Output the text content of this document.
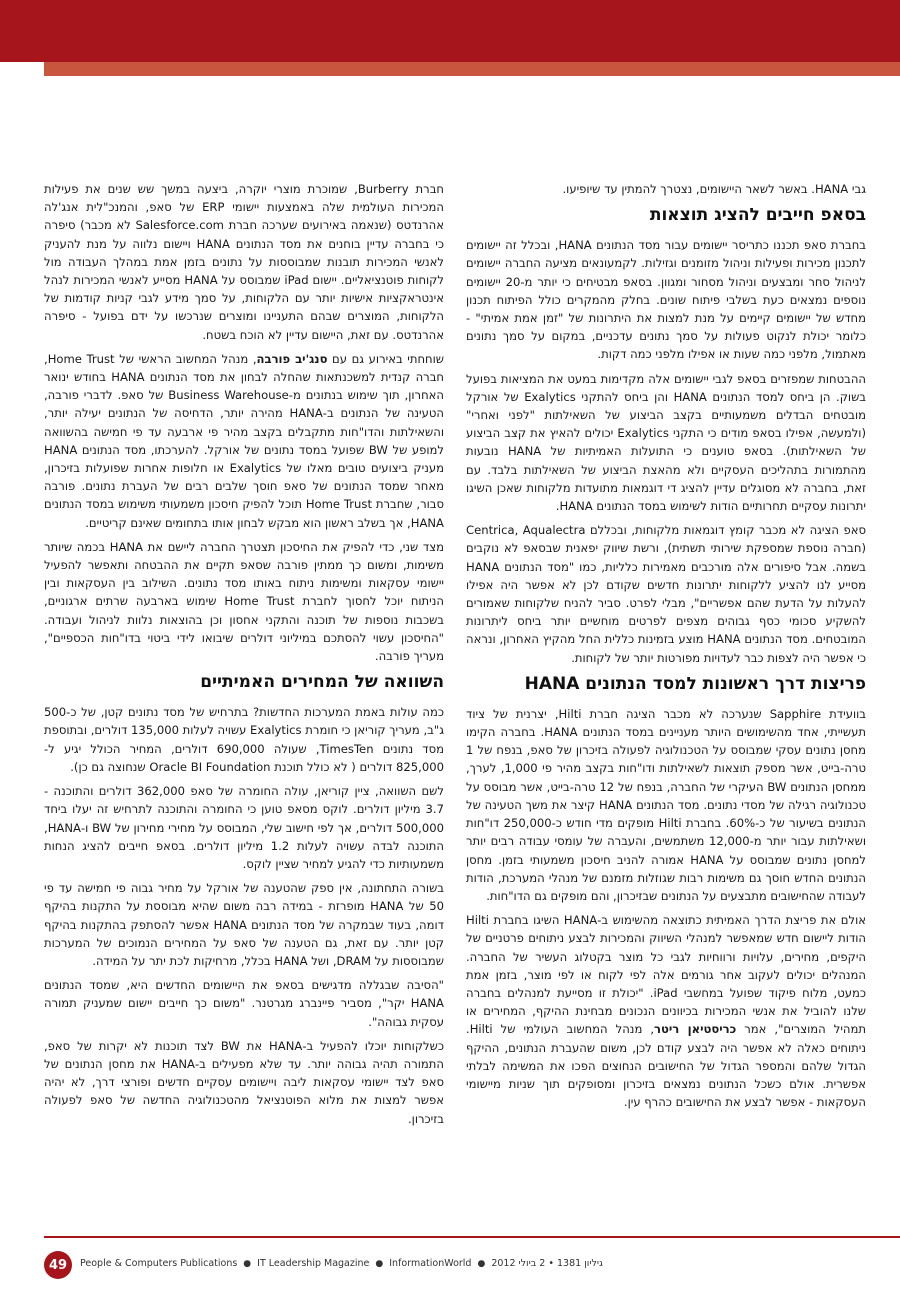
גבי HANA. באשר לשאר היישומים, נצטרך להמתין עד שיופיעו.

בסאפ חייבים להציג תוצאות

בחברת סאפ תכננו כתריסר יישומים עבור מסד הנתונים HANA, ובכלל זה יישומים לתכנון מכירות ופעילות וניהול מזומנים וגזילות. לקמעונאים מציעה החברה יישומים לניהול סחר ומבצעים וניהול מסחור ומגוון. בסאפ מבטיחים כי יותר מ-20 יישומים נוספים נמצאים כעת בשלבי פיתוח שונים. בחלק מהמקרים כולל הפיתוח תכנון מחדש של יישומים קיימים על מנת למצות את היתרונות של "זמן אמת אמיתי" - כלומר יכולת לנקוט פעולות על סמך נתונים עדכניים, במקום על סמך נתונים מאתמול, מלפני כמה שעות או אפילו מלפני כמה דקות.

ההבטחות שמפזרים בסאפ לגבי יישומים אלה מקדימות במעט את המציאות בפועל בשוק. הן ביחס למסד הנתונים HANA והן ביחס להתקני Exalytics של אורקל מובטחים הבדלים משמעותיים בקצב הביצוע של השאילתות "לפני ואחרי" (ולמעשה, אפילו בסאפ מודים כי התקני Exalytics יכולים להאיץ את קצב הביצוע של השאילתות). בסאפ טוענים כי התועלות האמיתיות של HANA נובעות מהתמורות בתהליכים העסקיים ולא מהאצת הביצוע של השאילתות בלבד. עם זאת, בחברה לא מסוגלים עדיין להציג די דוגמאות מתועדות מלקוחות שאכן השיגו יתרונות עסקיים תחרותיים הודות לשימוש במסד הנתונים HANA.

סאפ הציגה לא מכבר קומץ דוגמאות מלקוחות, ובכללם Centrica, Aqualectra (חברה נוספת שמספקת שירותי תשתית), ורשת שיווק יפאנית שבסאפ לא נוקבים בשמה. אבל סיפורים אלה מורכבים מאמירות כלליות, כמו "מסד הנתונים HANA מסייע לנו להציע ללקוחות יתרונות חדשים שקודם לכן לא אפשר היה אפילו להעלות על הדעת שהם אפשריים", מבלי לפרט. סביר להניח שלקוחות שאמורים להשקיע סכומי כסף גבוהים מצפים לפרטים מוחשיים יותר ביחס ליתרונות המובטחים. מסד הנתונים HANA מוצע בזמינות כללית החל מהקיץ האחרון, ונראה כי אפשר היה לצפות כבר לעדויות מפורטות יותר של לקוחות.

פריצות דרך ראשונות למסד הנתונים HANA

בוועידת Sapphire שנערכה לא מכבר הציגה חברת Hilti, יצרנית של ציוד תעשייתי, אחד מהשימושים היותר מעניינים במסד הנתונים HANA. בחברה הקימו מחסן נתונים עסקי שמבוסס על הטכנולוגיה לפעולה בזיכרון של סאפ, בנפח של 1 טרה-בייט, אשר מספק תוצאות לשאילתות ודו"חות בקצב מהיר פי 1,000, לערך, ממחסן הנתונים BW העיקרי של החברה, בנפח של 12 טרה-בייט, אשר מבוסס על טכנולוגיה רגילה של מסדי נתונים. מסד הנתונים HANA קיצר את משך הטעינה של הנתונים בשיעור של כ-60%. בחברת Hilti מופקים מדי חודש כ-250,000 דו"חות ושאילתות עבור יותר מ-12,000 משתמשים, והעברה של עומסי עבודה רבים יותר למחסן נתונים שמבוסס על HANA אמורה להניב חיסכון משמעותי בזמן. מחסן הנתונים החדש חוסך גם משימות רבות שגוזלות מזמנם של מנהלי המערכת, הודות לעבודה שהחישובים מתבצעים על הנתונים שבזיכרון, והם מופקים גם הדו"חות.

אולם את פריצת הדרך האמיתית כתוצאה מהשימוש ב-HANA השיגו בחברת Hilti הודות ליישום חדש שמאפשר למנהלי השיווק והמכירות לבצע ניתוחים פרטניים של היקפים, מחירים, עלויות ורווחיות לגבי כל מוצר בקטלוג העשיר של החברה. המנהלים יכולים לעקוב אחר גורמים אלה לפי לקוח או לפי מוצר, בזמן אמת כמעט, מלוח פיקוד שפועל במחשבי iPad. "יכולת זו מסייעת למנהלים בחברה שלנו להוביל את אנשי המכירות בכיוונים הנכונים מבחינת ההיקף, המחירים או תמהיל המוצרים", אמר כריסטיאן ריטר, מנהל המחשוב העולמי של Hilti. ניתוחים כאלה לא אפשר היה לבצע קודם לכן, משום שהעברת הנתונים, ההיקף הגדול שלהם והמספר הגדול של החישובים הנחוצים הפכו את המשימה לבלתי אפשרית. אולם כשכל הנתונים נמצאים בזיכרון ומסופקים תוך שניות מיישומי העסקאות - אפשר לבצע את החישובים כהרף עין.

חברת Burberry, שמוכרת מוצרי יוקרה, ביצעה במשך שש שנים את פעילות המכירות העולמית שלה באמצעות יישומי ERP של סאפ, והמנכ"לית אנג'לה אהרנדטס (שנאמה באירועים שערכה חברת Salesforce.com לא מכבר) סיפרה כי בחברה עדיין בוחנים את מסד הנתונים HANA ויישום נלווה על מנת להעניק לאנשי המכירות תובנות שמבוססות על נתונים בזמן אמת במהלך העבודה מול לקוחות פוטנציאליים. יישום iPad שמבוסס על HANA מסייע לאנשי המכירות לנהל אינטראקציות אישיות יותר עם הלקוחות, על סמך מידע לגבי קניות קודמות של הלקוחות, המוצרים שבהם התעניינו ומוצרים שנרכשו על ידם בפועל - סיפרה אהרנדטס. עם זאת, היישום עדיין לא הוכח בשטח.

שוחחתי באירוע גם עם סנג'יב פורבה, מנהל המחשוב הראשי של Home Trust, חברה קנדית למשכנתאות שהחלה לבחון את מסד הנתונים HANA בחודש ינואר האחרון, תוך שימוש בנתונים מ-Business Warehouse של סאפ. לדברי פורבה, הטעינה של הנתונים ב-HANA מהירה יותר, הדחיסה של הנתונים יעילה יותר, והשאילתות והדו"חות מתקבלים בקצב מהיר פי ארבעה עד פי חמישה בהשוואה למופע של BW שפועל במסד נתונים של אורקל. להערכתו, מסד הנתונים HANA מעניק ביצועים טובים מאלו של Exalytics או חלופות אחרות שפועלות בזיכרון, מאחר שמסד הנתונים של סאפ חוסך שלבים רבים של העברת נתונים. פורבה סבור, שחברת Home Trust תוכל להפיק חיסכון משמעותי משימוש במסד הנתונים HANA, אך בשלב ראשון הוא מבקש לבחון אותו בתחומים שאינם קריטיים.

מצד שני, כדי להפיק את החיסכון תצטרך החברה ליישם את HANA בכמה שיותר משימות, ומשום כך ממתין פורבה שסאפ תקיים את ההבטחה ותאפשר להפעיל יישומי עסקאות ומשימות ניתוח באותו מסד נתונים. השילוב בין העסקאות ובין הניתוח יוכל לחסוך לחברת Home Trust שימוש בארבעה שרתים ארגוניים, בשכבות נוספות של תוכנה והתקני אחסון וכן בהוצאות נלוות לניהול ועבודה. "החיסכון עשוי להסתכם במיליוני דולרים שיבואו לידי ביטוי בדו"חות הכספיים", מעריך פורבה.

השוואה של המחירים האמיתיים

כמה עולות באמת המערכות החדשות? בתרחיש של מסד נתונים קטן, של כ-500 ג"ב, מעריך קוריאן כי חומרת Exalytics עשויה לעלות 135,000 דולרים, ובתוספת מסד נתונים TimesTen, שעולה 690,000 דולרים, המחיר הכולל יגיע ל- 825,000 דולרים ( לא כולל תוכנת Oracle BI Foundation שנחוצה גם כן).

לשם השוואה, ציין קוריאן, עולה החומרה של סאפ 362,000 דולרים והתוכנה - 3.7 מיליון דולרים. לוקס מסאפ טוען כי החומרה והתוכנה לתרחיש זה יעלו ביחד 500,000 דולרים, אך לפי חישוב שלי, המבוסס על מחירי מחירון של BW ו-HANA, התוכנה לבדה עשויה לעלות 1.2 מיליון דולרים. בסאפ חייבים להציג הנחות משמעותיות כדי להגיע למחיר שציין לוקס.

בשורה התחתונה, אין ספק שהטענה של אורקל על מחיר גבוה פי חמישה עד פי 50 של HANA מופרזת - במידה רבה משום שהיא מבוססת על התקנות בהיקף דומה, בעוד שבמקרה של מסד הנתונים HANA אפשר להסתפק בהתקנות בהיקף קטן יותר. עם זאת, גם הטענה של סאפ על המחירים הנמוכים של המערכות שמבוססות על DRAM, ושל HANA בכלל, מרחיקות לכת יתר על המידה.

"הסיבה שבגללה מדגישים בסאפ את היישומים החדשים היא, שמסד הנתונים HANA יקר", מסביר פיינברג מגרטנר. "משום כך חייבים יישום שמעניק תמורה עסקית גבוהה".

כשלקוחות יוכלו להפעיל ב-HANA את BW לצד תוכנות לא יקרות של סאפ, התמורה תהיה גבוהה יותר. עד שלא מפעילים ב-HANA את מחסן הנתונים של סאפ לצד יישומי עסקאות ליבה ויישומים עסקיים חדשים ופורצי דרך, לא יהיה אפשר למצות את מלוא הפוטנציאל מהטכנולוגיה החדשה של סאפ לפעולה בזיכרון.

49	People & Computers Publications ● IT Leadership Magazine ● InformationWorld ● גיליון 1381 • 2 ביולי 2012
